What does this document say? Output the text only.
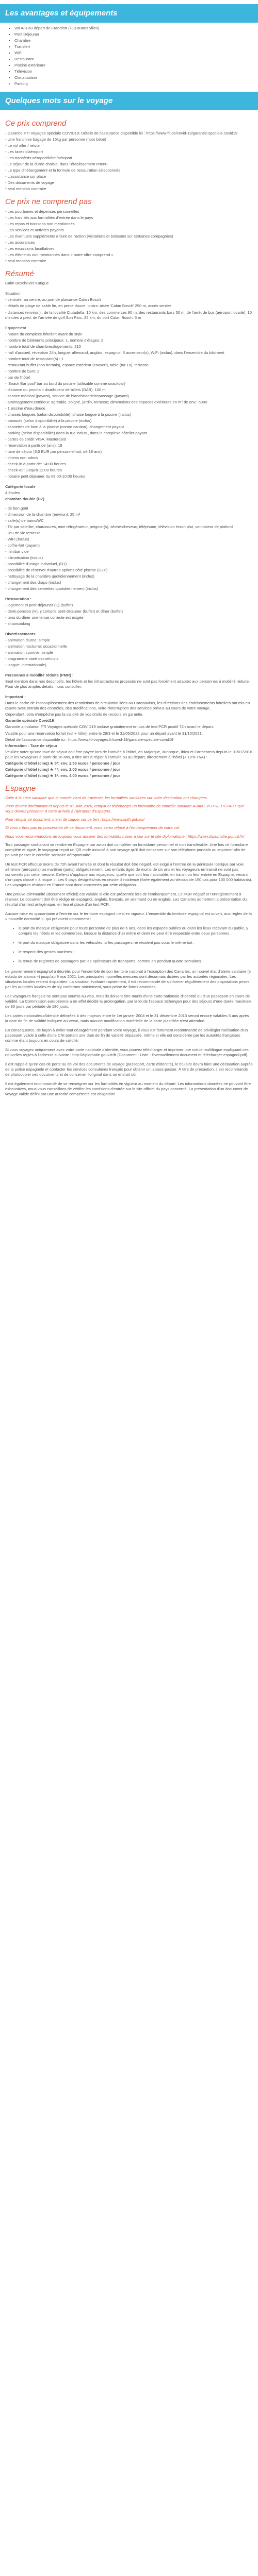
Les avantages et équipements
▪ Vol A/R au départ de Francfort (+13 autres villes)
▪ Petit Déjeuner
▪ Chambre
▪ Transfert
▪ WiFi
▪ Restaurant
▪ Piscine extérieure
▪ Télévision
▪ Climatisation
▪ Parking
Quelques mots sur le voyage
Ce prix comprend
- Garantie FTI Voyages spéciale COVID19: Détails de l'assurance disponible ici : https://www.fti.de/covid-19/garantie-speciale-covid19
- Une franchise bagage de 15kg par personne (hors bébé)
- Le vol aller / retour
- Les taxes d'aéroport
- Les transferts aéroport/hôtel/aéroport
- Le séjour de la durée choisie, dans l'établissement retenu
- Le type d'hébergement et la formule de restauration sélectionnés
- L'assistance sur place
- Des documents de voyage
* seul mention contraire
Ce prix ne comprend pas
- Les pourboires et dépenses personnelles
- Les frais liés aux formalités d'entrée dans le pays
- Les repas et boissons non mentionnés
- Les services et activités payants
- Les éventuels suppléments à faire de l'action (visitations et boissons sur certaines compagnies)
- Les assurances
- Les excursions facultatives
- Les éléments non mentionnés dans « notre offre comprend »
* seul mention contraire
Résumé
Calm Bosch/Sier.Kurigue
Situation
- centrale, au centre, au port de plaisance Calan Bosch
- détails de plage de sable fin, en pente douce, loisirs: aisée 'Calan Bosch' 250 m, accès sentier
- distances (environ) : de la localité Ciutadella: 10 km, des commerces 80 m, des restaurants bars 50 m, de l'arrêt de bus (aéroport locaitè): 10 minutes à pied, de l'arrivée de golf Son Parc: 32 km, du port Calan Bosch: 5 m
Equipement
- nature du complexe hôtelier: ayant du style
- nombre de bâtiments principaux: 1, nombre d'étages: 2
- nombre total de chambres/logements: 210
- hall d'accueil, réception 24h, langue: allemand, anglais, espagnol, 3 ascenseur(s), WiFi (inclus), dans l'ensemble du bâtiment
- nombre total de restaurant(s) : 1
- restaurant buffet (non bernais), espace extérieur (couvert), table (n/r 10), terrasse
- nombre de bars: 2
- bar de l'hôtel
- 'Snack Bar pool' bar au bord du piscine (utilisable comme snackbar)
- distance du prochain distributeur de billets (DAB): 100 m
- service médical (payant), service de blanchisserie/repassage (payant)
- aménagement extérieur: agréable, soigné, jardin, terrasse; dimensions des espaces extérieurs en m² de env.: 5000
- 1 piscine d'eau douce
- chaises longues (selon disponibilité), chaise longue à la piscine (inclus)
- parasols (selon disponibilité) à la piscine (inclus)
- serviettes de bain à la piscine (contre caution), changement payant
- parking (selon disponibilité) dans la rue inclus , dans le complexe hôtelier payant
- cartes de crédit VISA, Mastercard
- réservation à partir de (ans): 18
- taxe de séjour (3,5 EUR par personne/nuit, dè 18 ans)
- chiens non admis
- check-in à partir de: 14:00 heures
- check-out jusqu'à 12:00 heures
- horaire petit déjeuner du 08:00-10:00 heures
Catégorie locale
4 étoiles
chambre double (DZ)
- de bon goût
- dimension de la chambre (environ): 25 m²
- salle(s) de bains/WC
- TV par satellite, chaussures, mini-réfrigérateur, peignoir(s), sèche-cheveux, téléphone, télévision écran plat, ventilateur de plafond
- lieu de vie terrasse
- WiFi (inclus)
- coffre-fort (payant)
- minibar vide
- climatisation (inclus)
- possibilité d'usage individuel, (D1)
- possibilité de réserver d'autres options côté piscine (DZP)
- nettoyage de la chambre quotidiennement (inclus)
- changement des draps (inclus)
- changement des serviettes quotidiennement (inclus)
Restauration :
- logement et petit-déjeuner (E) (buffet)
- demi-pension (H), y compris petit-déjeuner (buffet) et dîner (buffet)
- tenu du dîner une tenue correcte est exigée
- showcooking
Divertissements
- animation diurne: simple
- animation nocturne: occasionnelle
- animation sportive: simple
- programme varié diurne/nuits
- langue: internationale)
Personnes à mobilité réduite (PMR) :
Seul mention dans nos descriptifs, les hôtels et les infrastructures proposés ne sont pas forcément adaptés aux personnes à mobilité réduite. Pour de plus amples détails, nous consulter.
Important :
Dans le cadre de l'assouplissement des restrictions de circulation liées au Coronavirus, les directions des établissements hôteliers ont mis en œuvre avec entrain des contrôles, des modifications, voire l'interruption des services prévus au cours de votre voyage.
Cependant, cela n'empêche pas la validité de vos droits de recours en garantie.
Garantie spéciale Covid19
Garantie annulation FTI Voyages spéciale COVID19 incluse gratuitement en cas de test PCR positif 72h avant le départ.
Valable pour une réservation forfait (vol + hôtel) entre le 29/3 et le 31/05/2022 pour un départ avant le 31/10/2021.
Détail de l'assurance disponible ici : https://www.fti-voyages.fr/covid-19/garantie-speciale-covid19
Information - Taxe de séjour
Veuillez noter qu'une taxe de séjour doit être payée lors de l'arrivée à l'hôtel, en Majorque, Minorque, Ibiza et Formentera depuis le 01/07/2016 pour les voyageurs à partir de 16 ans, à titre ans à régler à l'arrivée ou au départ, directement à l'hôtel (+ 10% TVA) :
Catégorie d'hôtel (cinq) ★ 5*: env. 2,50 euros / personne / jour
Catégorie d'hôtel (cinq) ★ 4*: env. 2,00 euros / personne / jour
Catégorie d'hôtel (cinq) ★ 3*: env. 4,00 euros / personne / jour
Espagne
Suite à la crise sanitaire que le monde vient de traverser, les formalités sanitaires sur votre destination ont changées.
Vous devrez dorénavant et depuis le 01 Juin 2020, remplir et télécharger un formulaire de contrôle sanitaire AVANT VOTRE DÉPART que vous devrez présenter à votre arrivée à l'aéroport d'Espagne.
Pour remplir ce document, merci de cliquer sur ce lien : https://www.spth.gob.es/
Si vous n'êtes pas en possession de ce document, vous serez refusé à l'embarquement de votre vol.
Nous vous recommandons de toujours vous assurer des formalités mises à jour sur le site diplomatique : https://www.diplomatie.gouv.fr/fr/
Tout passager souhaitant se rendre en Espagne par avion doit compléter un formulaire personnel et non transférable. Une fois ce formulaire complété et signé, le voyageur reçoit un QR code associé à son voyage qu'il doit conserver sur son téléphone portable ou imprimer afin de pouvoir passer le contrôle sanitaire aéroportuaire.
Un test PCR effectué moins de 72h avant l'arrivée et dont le résultat doit être négatif, est exigé à l'entrée de la péninsule ibérique par voie aérienne (aéroports) ou maritime (ports) obligatoirement. Les enfants âgés de moins de six ans et les voyageurs en transit ne sont pas concernés par cette mesure. Celle-ci s'applique aux voyageurs, quelle que soit leur nationalité, en transit ou leur entrée en Espagne, venant d'un pays classé « à risque ». Les 6 pays désignés/mis en œuvre d'incidence (fixée également au-dessus de 150 cas pour 100 000 habitants). Les voyageurs résidant en France sont donc concernés par cette obligation.
Une preuve d'immunité (document officiel) est valable si elle est présentée lors de l'embarquement, Le PCR négatif et l'enregistrement à réaliser. Le document doit être rédigé en espagnol, anglais, français, en allemand ou en anglais. Les Canaries admettent la présentation du résultat d'un test antigénique, en lieu et place d'un test PCR.
Aucune mise en quarantaine à l'entrée sur le territoire espagnol n'est en vigueur. L'ensemble du territoire espagnol est ouvert, aux règles de la « nouvelle normalité », qui prévoient notamment :
• le port du masque obligatoire pour toute personne de plus de 6 ans, dans les espaces publics ou dans les lieux recevant du public, y compris les hôtels et les commerces, lorsque la distance d'un mètre et demi ne peut être respectée entre deux personnes ;
• le port du masque obligatoire dans les véhicules, si les passagers ne résident pas sous le même toit ;
• le respect des gestes barrières ;
• la tenue de registres de passagers par les opérateurs de transports, comme en pendant quatre semaines.
Le gouvernement espagnol a décrété, pour l'ensemble de son territoire national à l'exception des Canaries, un nouvel état d'alerte sanitaire (« estado de alarma ») jusqu'au 9 mai 2021. Les principales nouvelles mesures sont désormais dictées par les autorités régionales. Les situations locales restent disparates. La situation évoluant rapidement, il est recommandé de s'informer régulièrement des dispositions prises par les autorités locales et de s'y conformer strictement, sous peine de fortes amendes.
Les voyageurs français ne sont pas soumis au visa, mais ils doivent être munis d'une carte nationale d'identité ou d'un passeport en cours de validité. La Commission européenne a en effet décidé la prolongation, par la loi de l'espace Schengen pour des séjours d'une durée maximale de 90 jours par période de 180 jours.
Les cartes nationales d'identité délivrées à des majeurs entre le 1er janvier 2004 et le 31 décembre 2013 seront encore valables 5 ans après la date de fin de validité indiquée au verso, mais aucune modification matérielle de la carte plastifiée n'est attendue.
En conséquence, de façon à éviter tout désagrément pendant votre voyage, il vous est fortement recommandé de privilégier l'utilisation d'un passeport valide à celle d'une CNI portant une date de fin de validité dépassée, même si elle est considérée par les autorités françaises comme étant toujours en cours de validité.
Si vous voyagez uniquement avec votre carte nationale d'identité, vous pouvez télécharger et imprimer une notice multilingue expliquant ces nouvelles règles à l'adresse suivante : http://diplomatie.gouv.fr/fr (Document - Liste - Eventuellement document et télécharger-espagnol.pdf).
Il est rappelé qu'en cas de perte ou de vol des documents de voyage (passeport, carte d'identité), le titulaire devra faire une déclaration auprès de la police espagnole et contacter les services consulaires français pour obtenir un laissez-passer. À titre de précaution, il est recommandé de photocopier ses documents et de conserver l'original dans un endroit sûr.
Il est également recommandé de se renseigner sur les formalités en vigueur au moment du départ. Les informations données ne pouvant être exhaustives, nous vous conseillons de vérifier les conditions d'entrée sur le site officiel du pays concerné. La présentation d'un document de voyage valide défini par une autorité compétente est obligatoire.
